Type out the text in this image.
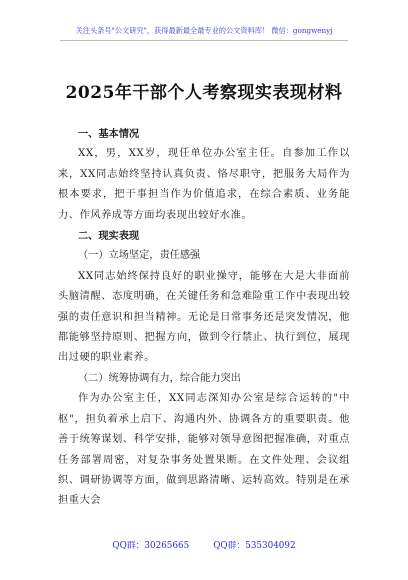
关注头条号"公文研究"，获得最新最全最专业的公文资料库！ 微信：gongwenyj
2025年干部个人考察现实表现材料

一、基本情况

XX，男，XX岁，现任单位办公室主任。自参加工作以来，XX同志始终坚持认真负责、恪尽职守，把服务大局作为根本要求，把干事担当作为价值追求，在综合素质、业务能力、作风养成等方面均表现出较好水准。

二、现实表现

（一）立场坚定，责任感强

XX同志始终保持良好的职业操守，能够在大是大非面前头脑清醒、态度明确，在关键任务和急难险重工作中表现出较强的责任意识和担当精神。无论是日常事务还是突发情况，他都能够坚持原则、把握方向，做到令行禁止、执行到位，展现出过硬的职业素养。

（二）统筹协调有力，综合能力突出

作为办公室主任，XX同志深知办公室是综合运转的"中枢"，担负着承上启下、沟通内外、协调各方的重要职责。他善于统筹谋划、科学安排，能够对领导意图把握准确，对重点任务部署周密，对复杂事务处置果断。在文件处理、会议组织、调研协调等方面，做到思路清晰、运转高效。特别是在承担重大会

QQ群：30265665	QQ群：535304092
